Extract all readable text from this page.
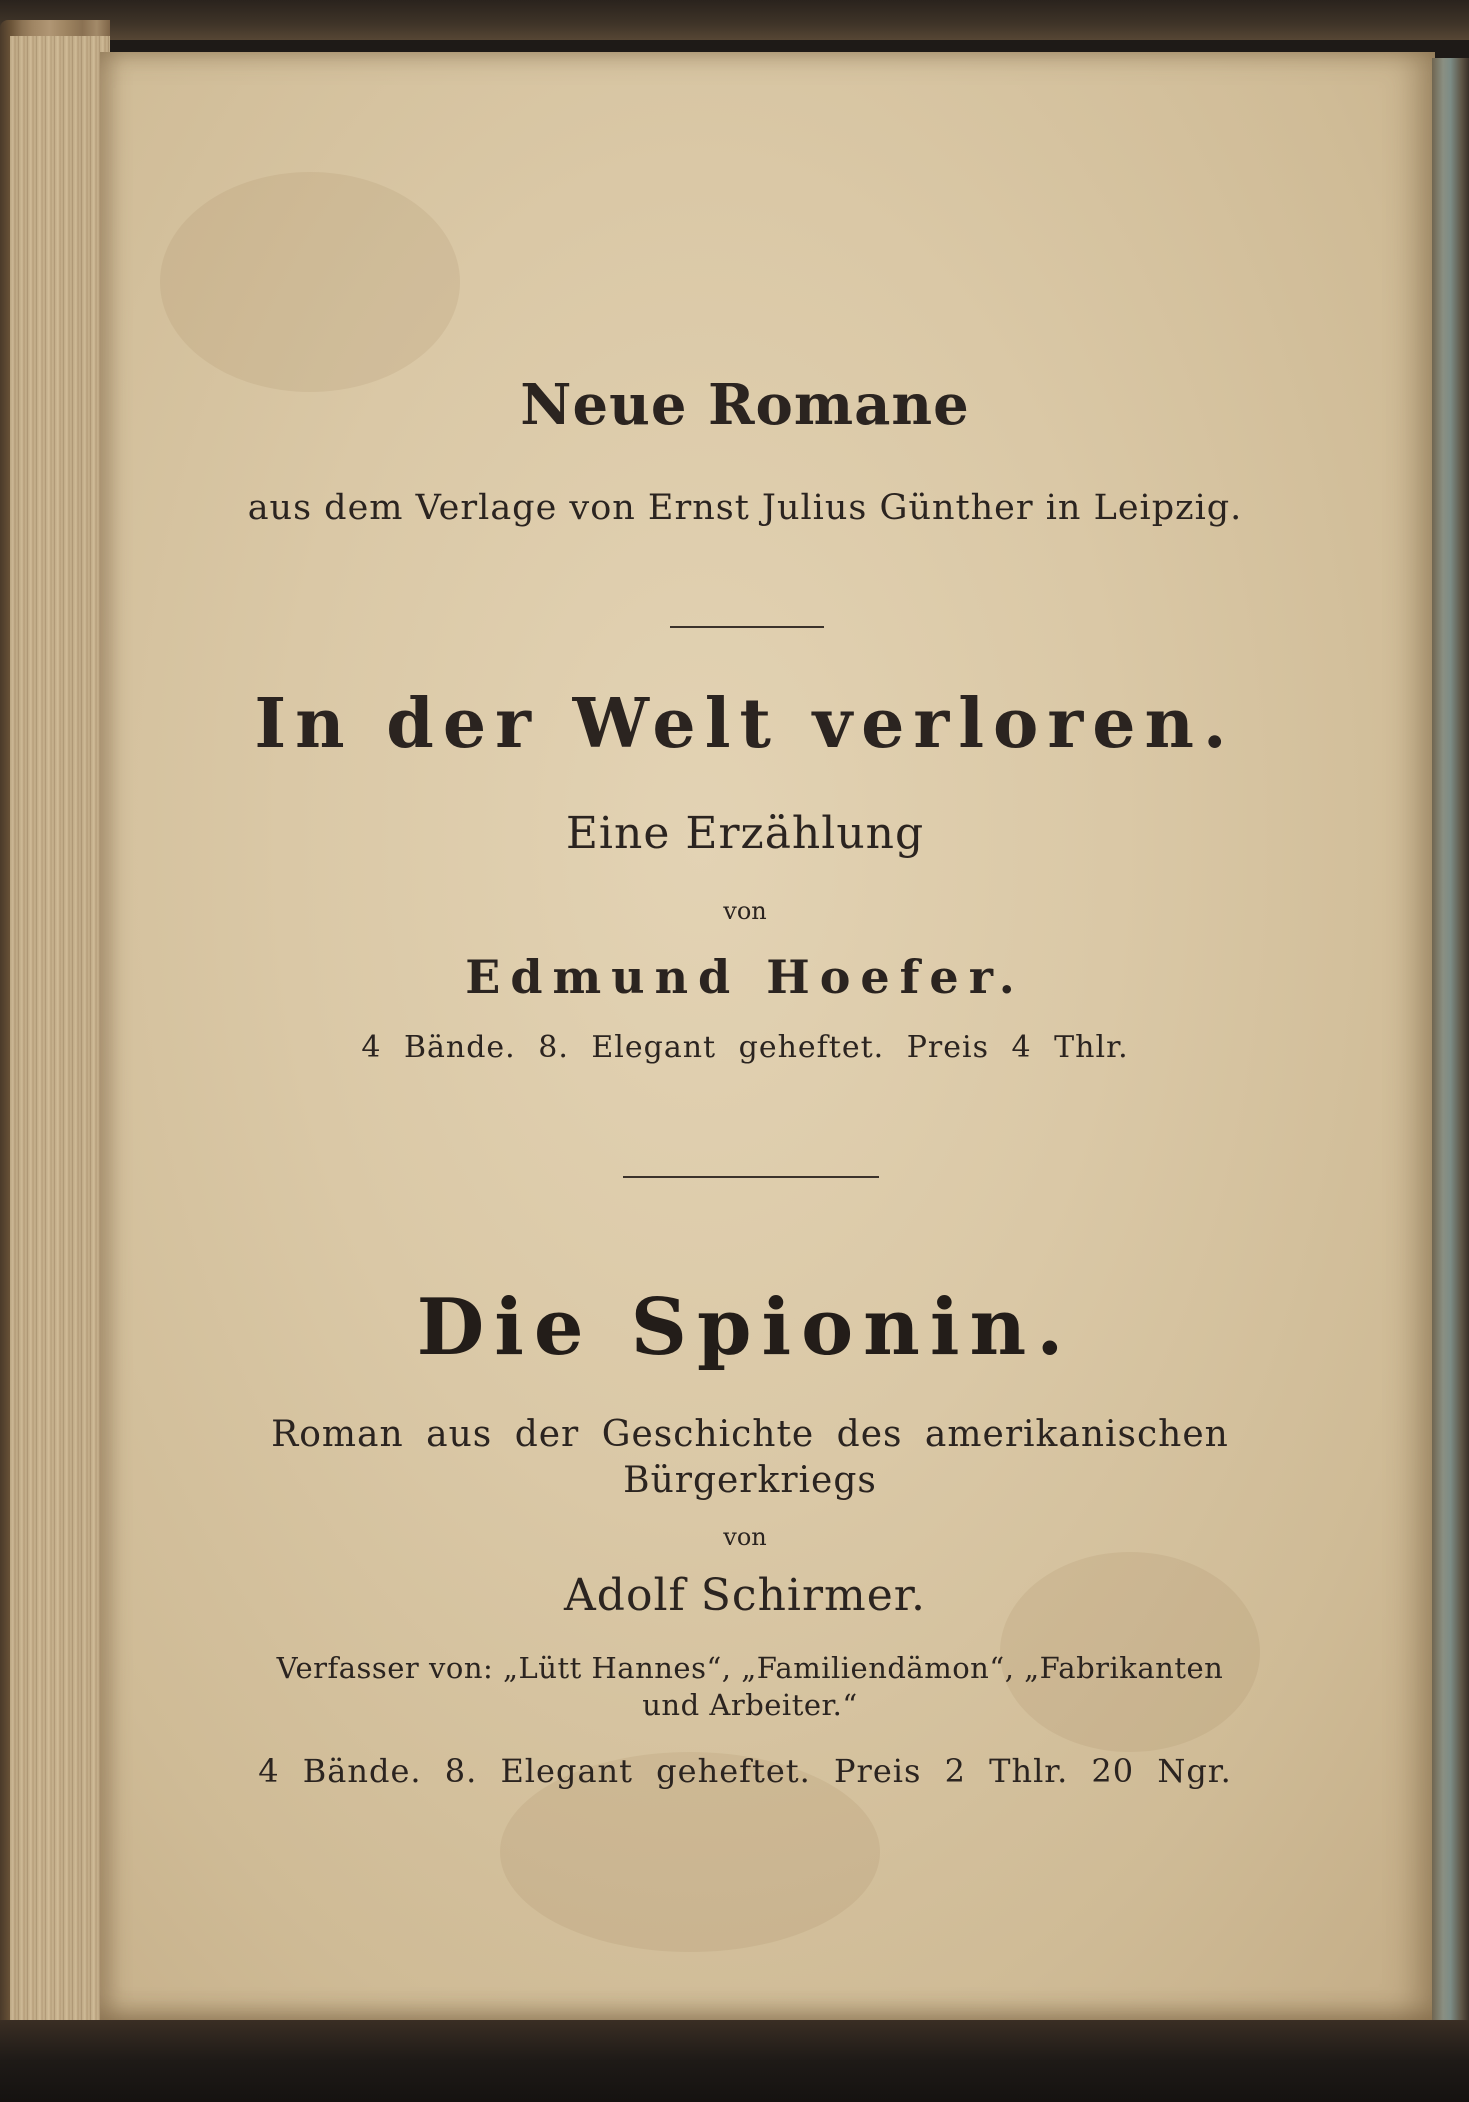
Neue Romane
aus dem Verlage von Ernst Julius Günther in Leipzig.
In der Welt verloren.
Eine Erzählung
von
Edmund Hoefer.
4 Bände. 8. Elegant geheftet. Preis 4 Thlr.
Die Spionin.
Roman aus der Geschichte des amerikanischen Bürgerkriegs
von
Adolf Schirmer.
Verfasser von: „Lütt Hannes“, „Familiendämon“, „Fabrikanten und Arbeiter.“
4 Bände. 8. Elegant geheftet. Preis 2 Thlr. 20 Ngr.
